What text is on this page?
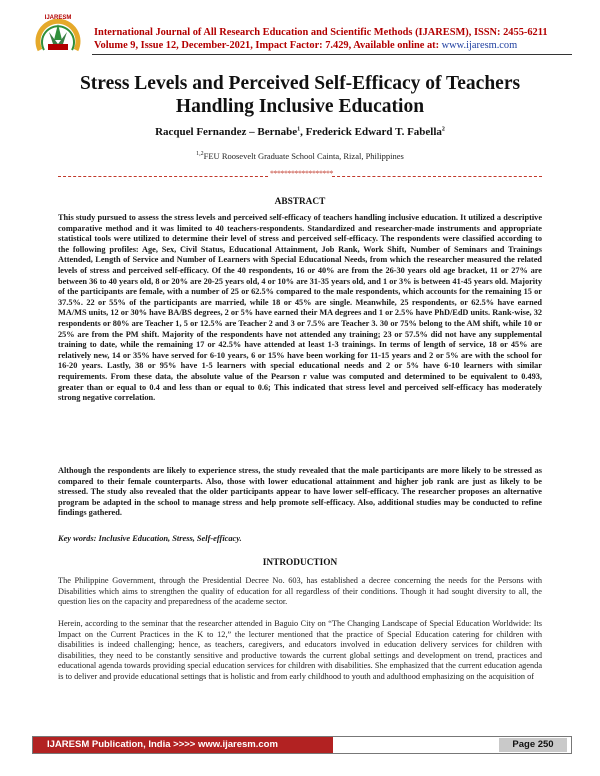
IJARESM
International Journal of All Research Education and Scientific Methods (IJARESM), ISSN: 2455-6211
Volume 9, Issue 12, December-2021, Impact Factor: 7.429, Available online at: www.ijaresm.com
Stress Levels and Perceived Self-Efficacy of Teachers
Handling Inclusive Education
Racquel Fernandez – Bernabe$^1$, Frederick Edward T. Fabella$^2$
$^{1,2}$FEU Roosevelt Graduate School Cainta, Rizal, Philippines
******************
ABSTRACT

This study pursued to assess the stress levels and perceived self-efficacy of teachers handling inclusive education. It utilized a descriptive comparative method and it was limited to 40 teachers-respondents. Standardized and researcher-made instruments and appropriate statistical tools were utilized to determine their level of stress and perceived self-efficacy. The respondents were classified according to the following profiles: Age, Sex, Civil Status, Educational Attainment, Job Rank, Work Shift, Number of Seminars and Trainings Attended, Length of Service and Number of Learners with Special Educational Needs, from which the researcher measured the related levels of stress and perceived self-efficacy. Of the 40 respondents, 16 or 40% are from the 26-30 years old age bracket, 11 or 27% are between 36 to 40 years old, 8 or 20% are 20-25 years old, 4 or 10% are 31-35 years old, and 1 or 3% is between 41-45 years old. Majority of the participants are female, with a number of 25 or 62.5% compared to the male respondents, which accounts for the remaining 15 or 37.5%. 22 or 55% of the participants are married, while 18 or 45% are single. Meanwhile, 25 respondents, or 62.5% have earned MA/MS units, 12 or 30% have BA/BS degrees, 2 or 5% have earned their MA degrees and 1 or 2.5% have PhD/EdD units. Rank-wise, 32 respondents or 80% are Teacher 1, 5 or 12.5% are Teacher 2 and 3 or 7.5% are Teacher 3. 30 or 75% belong to the AM shift, while 10 or 25% are from the PM shift. Majority of the respondents have not attended any training; 23 or 57.5% did not have any supplemental training to date, while the remaining 17 or 42.5% have attended at least 1-3 trainings. In terms of length of service, 18 or 45% are relatively new, 14 or 35% have served for 6-10 years, 6 or 15% have been working for 11-15 years and 2 or 5% are with the school for 16-20 years. Lastly, 38 or 95% have 1-5 learners with special educational needs and 2 or 5% have 6-10 learners with similar requirements. From these data, the absolute value of the Pearson r value was computed and determined to be equivalent to 0.493, greater than or equal to 0.4 and less than or equal to 0.6; This indicated that stress level and perceived self-efficacy has moderately strong negative correlation.

Although the respondents are likely to experience stress, the study revealed that the male participants are more likely to be stressed as compared to their female counterparts. Also, those with lower educational attainment and higher job rank are just as likely to be stressed. The study also revealed that the older participants appear to have lower self-efficacy. The researcher proposes an alternative program be adapted in the school to manage stress and help promote self-efficacy. Also, additional studies may be conducted to refine findings gathered.

Key words: Inclusive Education, Stress, Self-efficacy.
INTRODUCTION

The Philippine Government, through the Presidential Decree No. 603, has established a decree concerning the needs for the Persons with Disabilities which aims to strengthen the quality of education for all regardless of their conditions. Though it had sought diversity to all, the question lies on the capacity and preparedness of the academe sector.

Herein, according to the seminar that the researcher attended in Baguio City on “The Changing Landscape of Special Education Worldwide: Its Impact on the Current Practices in the K to 12,” the lecturer mentioned that the practice of Special Education catering for children with disabilities is indeed challenging; hence, as teachers, caregivers, and educators involved in education delivery services for children with disabilities, they need to be constantly sensitive and productive towards the current global settings and development on trend, practices and educational agenda towards providing special education services for children with disabilities. She emphasized that the current education agenda is to deliver and provide educational settings that is holistic and from early childhood to youth and adulthood emphasizing on the acquisition of

IJARESM Publication, India >>>> www.ijaresm.com	Page 250
